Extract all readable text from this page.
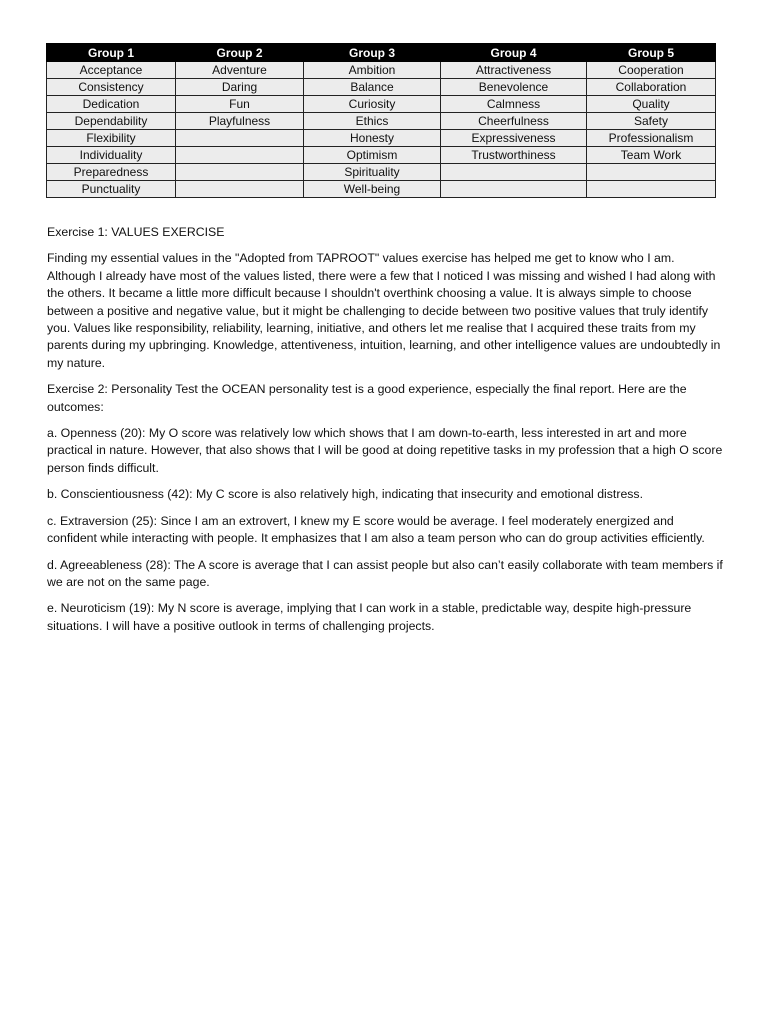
Group 1	Group 2	Group 3	Group 4	Group 5
Acceptance	Adventure	Ambition	Attractiveness	Cooperation
Consistency	Daring	Balance	Benevolence	Collaboration
Dedication	Fun	Curiosity	Calmness	Quality
Dependability	Playfulness	Ethics	Cheerfulness	Safety
Flexibility		Honesty	Expressiveness	Professionalism
Individuality		Optimism	Trustworthiness	Team Work
Preparedness		Spirituality		
Punctuality		Well-being		

Exercise 1: VALUES EXERCISE

Finding my essential values in the "Adopted from TAPROOT" values exercise has helped me get to know who I am. Although I already have most of the values listed, there were a few that I noticed I was missing and wished I had along with the others. It became a little more difficult because I shouldn't overthink choosing a value. It is always simple to choose between a positive and negative value, but it might be challenging to decide between two positive values that truly identify you. Values like responsibility, reliability, learning, initiative, and others let me realise that I acquired these traits from my parents during my upbringing. Knowledge, attentiveness, intuition, learning, and other intelligence values are undoubtedly in my nature.

Exercise 2: Personality Test the OCEAN personality test is a good experience, especially the final report. Here are the outcomes:

a. Openness (20): My O score was relatively low which shows that I am down-to-earth, less interested in art and more practical in nature. However, that also shows that I will be good at doing repetitive tasks in my profession that a high O score person finds difficult.

b. Conscientiousness (42): My C score is also relatively high, indicating that insecurity and emotional distress.

c. Extraversion (25): Since I am an extrovert, I knew my E score would be average. I feel moderately energized and confident while interacting with people. It emphasizes that I am also a team person who can do group activities efficiently.

d. Agreeableness (28): The A score is average that I can assist people but also can’t easily collaborate with team members if we are not on the same page.

e. Neuroticism (19): My N score is average, implying that I can work in a stable, predictable way, despite high-pressure situations. I will have a positive outlook in terms of challenging projects.
